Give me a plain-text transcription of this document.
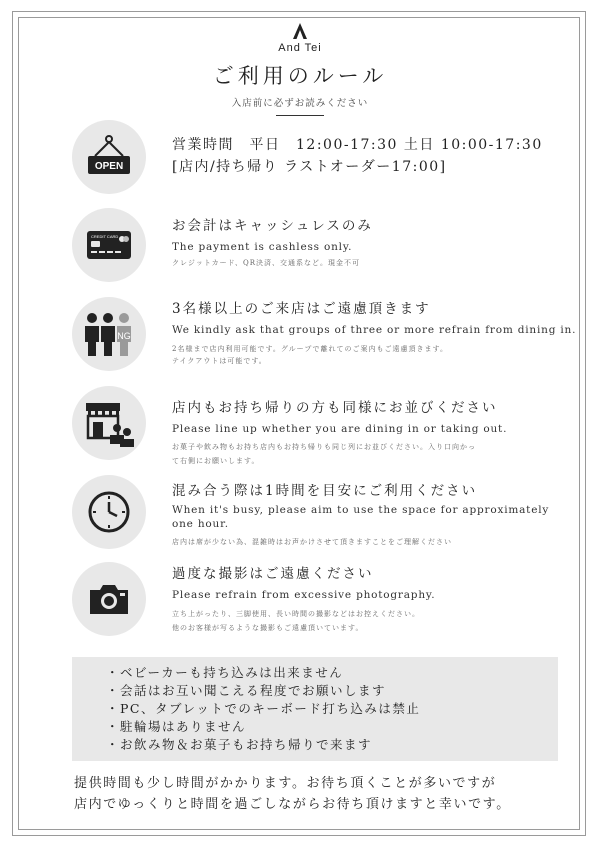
And Tei
ご利用のルール
入店前に必ずお読みください
OPEN
営業時間　平日　12:00-17:30 土日 10:00-17:30
[店内/持ち帰り ラストオーダー17:00]
CREDIT CARD
お会計はキャッシュレスのみ
The payment is cashless only.
クレジットカード、QR決済、交通系など。現金不可
NG
3名様以上のご来店はご遠慮頂きます
We kindly ask that groups of three or more refrain from dining in.
2名様まで店内利用可能です。グループで離れてのご案内もご遠慮頂きます。
テイクアウトは可能です。
店内もお持ち帰りの方も同様にお並びください
Please line up whether you are dining in or taking out.
お菓子や飲み物もお持ち店内もお持ち帰りも同じ列にお並びください。入り口向かっ
て右側にお願いします。
混み合う際は1時間を目安にご利用ください
When it's busy, please aim to use the space for approximately
one hour.
店内は席が少ない為、混雑時はお声かけさせて頂きますことをご理解ください
過度な撮影はご遠慮ください
Please refrain from excessive photography.
立ち上がったり、三脚使用、長い時間の撮影などはお控えください。
他のお客様が写るような撮影もご遠慮頂いています。
・ベビーカーも持ち込みは出来ません
・会話はお互い聞こえる程度でお願いします
・PC、タブレットでのキーボード打ち込みは禁止
・駐輪場はありません
・お飲み物＆お菓子もお持ち帰りで来ます
提供時間も少し時間がかかります。お待ち頂くことが多いですが
店内でゆっくりと時間を過ごしながらお待ち頂けますと幸いです。
